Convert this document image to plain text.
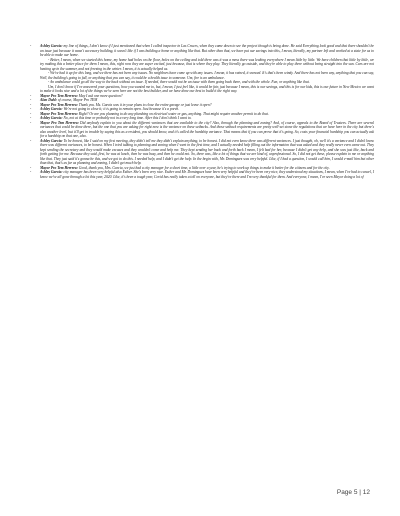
- Ashley Garcia: my line of things, I don't know if I just mentioned that when I called inspector in Las Cruces, when they came down to see the project though is being done. He said Everything look good and that there shouldn't be an issue just because it wasn't accessory building, it wasn't like if I was building a home or anything like that. But other than that, we have put our savings into this, I mean, literally, my partner left and worked at a state for us to be able to make our home.

- Better, I mean, when we started this home, my home had holes on the floor, holes on the ceiling and told there was it was a mess there was leaking everywhere I mean little by little. We have children that little by little, we try making this a better place for them I mean, this, right now they are super excited, just because, that is where they play. They literally go outside, and they're able to play there without being straight into the sun. Cars are not heating up in the summer, and not freezing in the winter. I mean, it is actually helped us.

- We've had it up for this long, and we there has not been any issues. No neighbors have come up with any issues. I mean, it has rained, it snowed. It's that's been windy. And there has not been any, anything that you can say, Well, the building's going to fall, or anything that you can say, it could be a health issue to someone. Um, fire is an ambulance.

- An ambulance could go all the way to the back without an issue. If needed, there would not be an issue with them going back there, and with the whole. Fun, or anything like that.

Um, I don't know if I've answered your questions, how you wanted me to, but, I mean, I just feel like, it would be fair, just because I mean, this is our savings, and this is for our kids, this is our future in New Mexico we want to make it looks nice and a lot of the things we've seen here are not the best builder, and we have done our best to build it the right way.

- Mayor Pro Tem Herrera: May I ask one more question?

- Alan Dahl: of course, Mayor Pro TEM

- Mayor Pro Tem Herrera: Thank you. Ms. Garcia was it in your plans to close the entire garage or just leave it open?

- Ashley Garcia: We're not going to close it; it is going to remain open. Just because it's a porch.

- Mayor Pro Tem Herrera: Right? Or are you planning to do any plumbing on electrical water or gas, anything. That might require another permit to do that.

- Ashley Garcia: No, not at this time or probably not in a very long time. After this I don't think I want to.

- Mayor Pro Tem Herrera: Did anybody explain to you about the different variances that are available to the city? Also, through the planning and zoning? And, of course, appeals to the Board of Trustees. There are several variances that could be done there, but the one that you are asking for right now is the variance on these setbacks. And those setback requirements are pretty well-set stone the regulations that we have here in the city but there's also another level, but it'll get in trouble by saying this as a resident, you should know, and it's called the hardship variance. That means that if you can prove that it's going. So, costs your financial hardship you can actually ask for a hardship on that one, also.

- Ashley Garcia: To be honest, like I said on my first meeting, they didn't tell me they didn't explain anything, to be honest. I did not even know there was different variances. I just thought, oh, well it's a variance and I didn't know there was different variances, to be honest. When I tried talking to planning and zoning when I went in the first time, and I actually needed help filling out the information that was asked and they really never even came out. They kept sending the secretary and they would make excuses and they wouldn't come and help me. They kept sending her back and forth back I mean, I felt bad for her, because I didn't get any help, and she was just like, back and forth getting for me. Because they said, first, he was at lunch, then he was busy, and then he could not. So, there was, like a lot of things that we are kind of, unprofessional. So, I did not get these, please explain to me or anything like that. They just said it's gonna be this, and we got to do this. I needed help, and I didn't get the help. In the begin with, Mr. Dominguez was very helpful. Like, if I had a question, I would call him, I would e-mail him but other than that, that's as far as planning and zoning, I didn't get much help.

- Mayor Pro Tem Herrera: Good, thank you, Mrs. Garcia, we just had a city manager for a short time, a little over a year, he's trying to work up things to make it better for the citizens and for the city.

- Ashley Garcia: city manager has been very helpful also Esther. She's been very nice. Esther and Mr. Dominguez have been very helpful and they've been very nice, they understood my situations, I mean, when I've had to cancel, I know we've all gone through a lot this year, 2020. Like, it's been a tough year, Covid has really taken a toll on everyone, but they've there and I'm very thankful for them. And everyone, I mean, I've seen Mayor doing a lot of

Page 5 | 12
